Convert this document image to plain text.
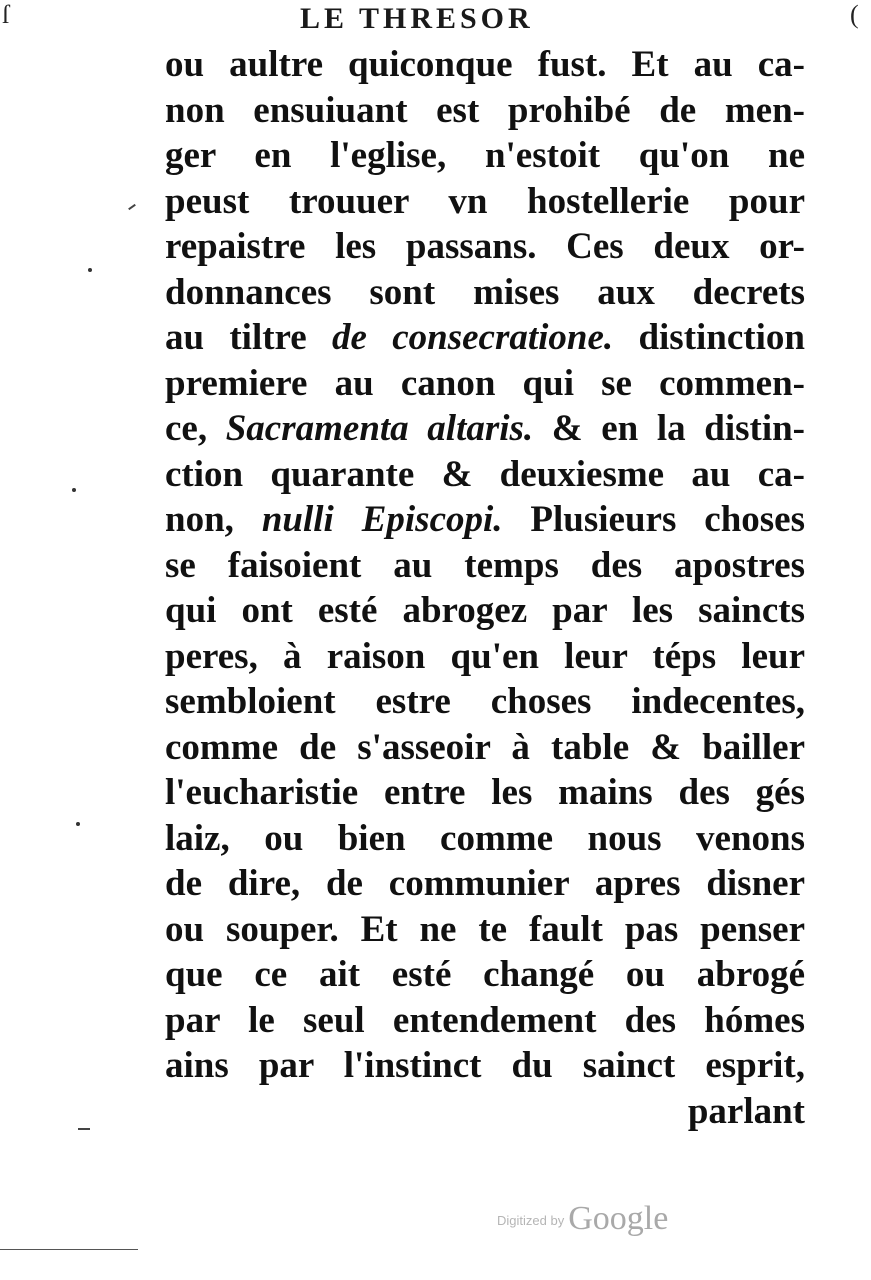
LE THRESOR
ſ	(
ou aultre quiconque fust. Et au ca-
non ensuiuant est prohibé de men-
ger en l'eglise, n'estoit qu'on ne
peust trouuer vn hostellerie pour
repaistre les passans. Ces deux or-
donnances sont mises aux decrets
au tiltre de consecratione. distinction
premiere au canon qui se commen-
ce, Sacramenta altaris. & en la distin-
ction quarante & deuxiesme au ca-
non, nulli Episcopi. Plusieurs choses
se faisoient au temps des apostres
qui ont esté abrogez par les saincts
peres, à raison qu'en leur téps leur
sembloient estre choses indecentes,
comme de s'asseoir à table & bailler
l'eucharistie entre les mains des gés
laiz, ou bien comme nous venons
de dire, de communier apres disner
ou souper. Et ne te fault pas penser
que ce ait esté changé ou abrogé
par le seul entendement des hómes
ains par l'instinct du sainct esprit,
parlant
$^{Digitized by}$ Google
